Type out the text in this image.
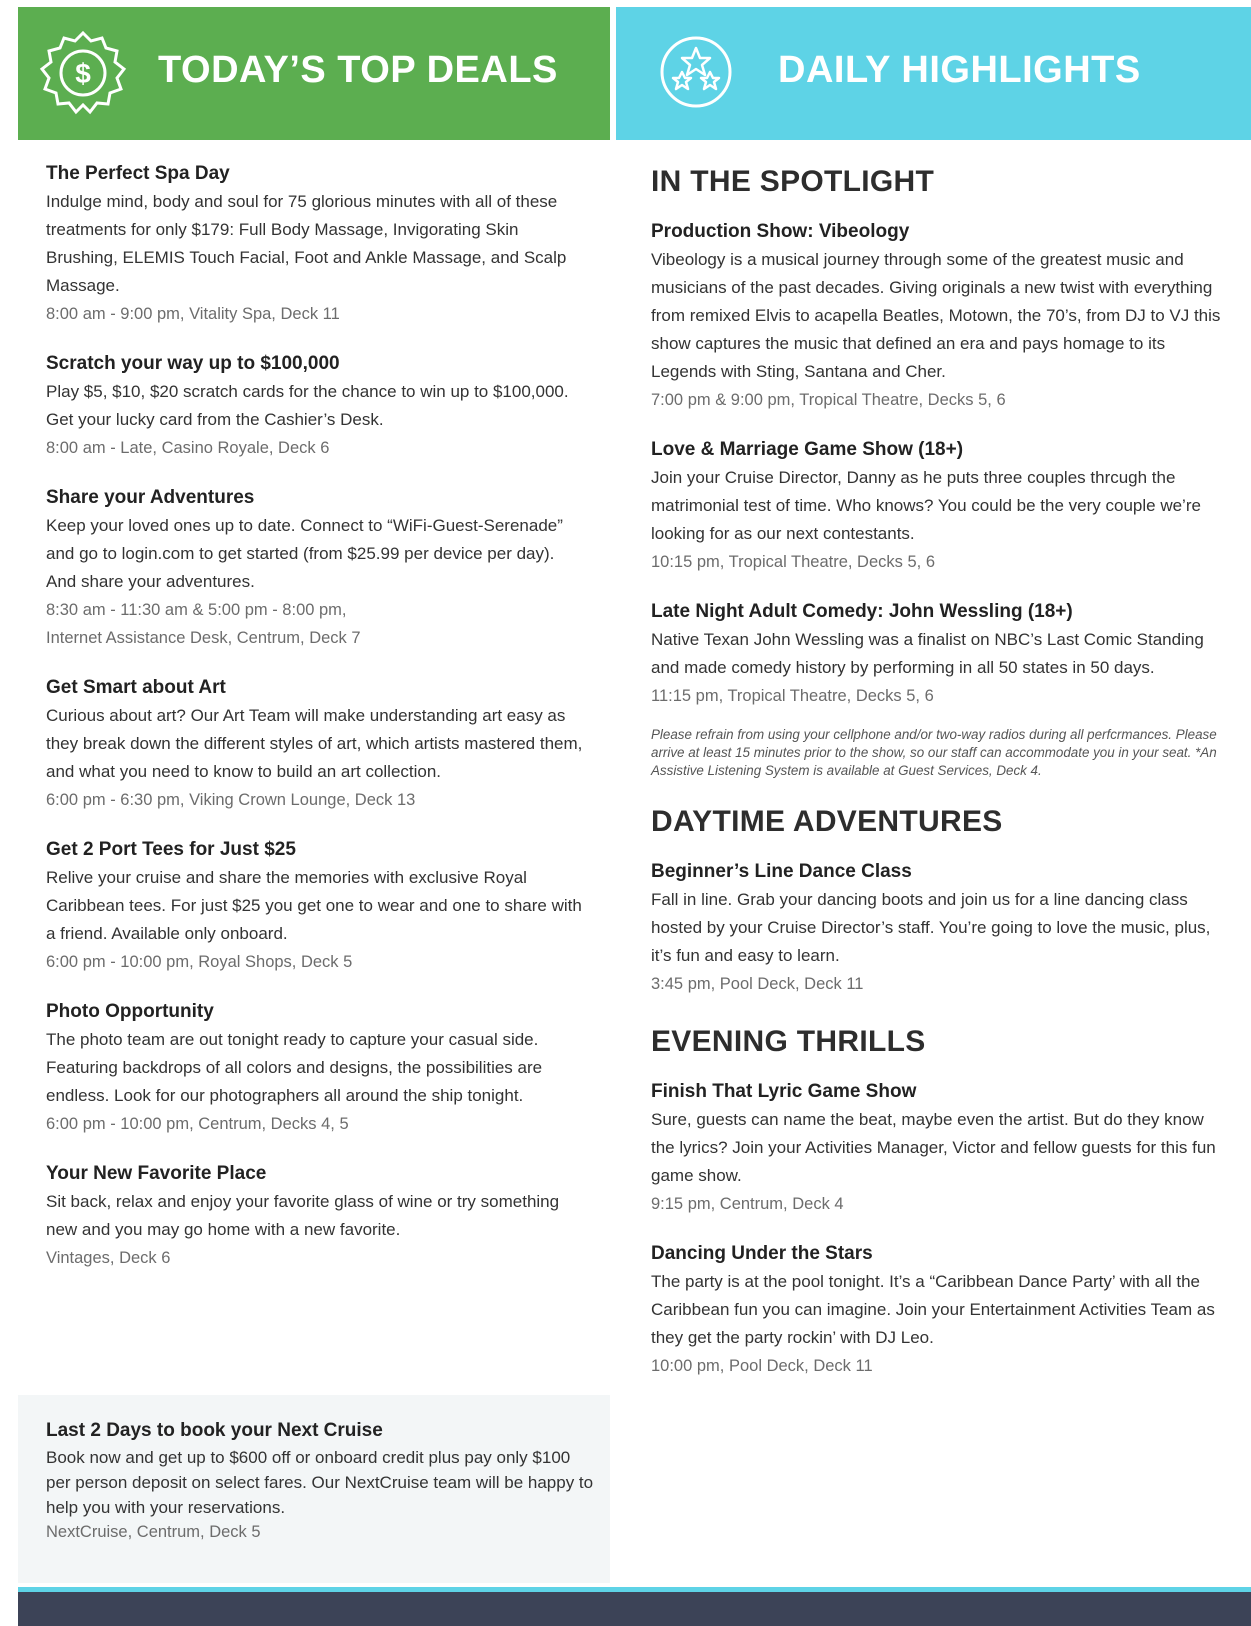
$ TODAY’S TOP DEALS	DAILY HIGHLIGHTS
The Perfect Spa Day
Indulge mind, body and soul for 75 glorious minutes with all of these treatments for only $179: Full Body Massage, Invigorating Skin Brushing, ELEMIS Touch Facial, Foot and Ankle Massage, and Scalp Massage.
8:00 am - 9:00 pm, Vitality Spa, Deck 11
Scratch your way up to $100,000
Play $5, $10, $20 scratch cards for the chance to win up to $100,000. Get your lucky card from the Cashier’s Desk.
8:00 am - Late, Casino Royale, Deck 6
Share your Adventures
Keep your loved ones up to date. Connect to “WiFi-Guest-Serenade” and go to login.com to get started (from $25.99 per device per day). And share your adventures.
8:30 am - 11:30 am & 5:00 pm - 8:00 pm,
Internet Assistance Desk, Centrum, Deck 7
Get Smart about Art
Curious about art? Our Art Team will make understanding art easy as they break down the different styles of art, which artists mastered them, and what you need to know to build an art collection.
6:00 pm - 6:30 pm, Viking Crown Lounge, Deck 13
Get 2 Port Tees for Just $25
Relive your cruise and share the memories with exclusive Royal Caribbean tees. For just $25 you get one to wear and one to share with a friend. Available only onboard.
6:00 pm - 10:00 pm, Royal Shops, Deck 5
Photo Opportunity
The photo team are out tonight ready to capture your casual side. Featuring backdrops of all colors and designs, the possibilities are endless. Look for our photographers all around the ship tonight.
6:00 pm - 10:00 pm, Centrum, Decks 4, 5
Your New Favorite Place
Sit back, relax and enjoy your favorite glass of wine or try something new and you may go home with a new favorite.
Vintages, Deck 6
Last 2 Days to book your Next Cruise
Book now and get up to $600 off or onboard credit plus pay only $100 per person deposit on select fares. Our NextCruise team will be happy to help you with your reservations.
NextCruise, Centrum, Deck 5
IN THE SPOTLIGHT
Production Show: Vibeology
Vibeology is a musical journey through some of the greatest music and musicians of the past decades. Giving originals a new twist with everything from remixed Elvis to acapella Beatles, Motown, the 70’s, from DJ to VJ this show captures the music that defined an era and pays homage to its Legends with Sting, Santana and Cher.
7:00 pm & 9:00 pm, Tropical Theatre, Decks 5, 6
Love & Marriage Game Show (18+)
Join your Cruise Director, Danny as he puts three couples thrcugh the matrimonial test of time. Who knows? You could be the very couple we’re looking for as our next contestants.
10:15 pm, Tropical Theatre, Decks 5, 6
Late Night Adult Comedy: John Wessling (18+)
Native Texan John Wessling was a finalist on NBC’s Last Comic Standing and made comedy history by performing in all 50 states in 50 days.
11:15 pm, Tropical Theatre, Decks 5, 6
Please refrain from using your cellphone and/or two-way radios during all perfcrmances. Please arrive at least 15 minutes prior to the show, so our staff can accommodate you in your seat. *An Assistive Listening System is available at Guest Services, Deck 4.
DAYTIME ADVENTURES
Beginner’s Line Dance Class
Fall in line. Grab your dancing boots and join us for a line dancing class hosted by your Cruise Director’s staff. You’re going to love the music, plus, it’s fun and easy to learn.
3:45 pm, Pool Deck, Deck 11
EVENING THRILLS
Finish That Lyric Game Show
Sure, guests can name the beat, maybe even the artist. But do they know the lyrics? Join your Activities Manager, Victor and fellow guests for this fun game show.
9:15 pm, Centrum, Deck 4
Dancing Under the Stars
The party is at the pool tonight. It’s a “Caribbean Dance Party’ with all the Caribbean fun you can imagine. Join your Entertainment Activities Team as they get the party rockin’ with DJ Leo.
10:00 pm, Pool Deck, Deck 11
